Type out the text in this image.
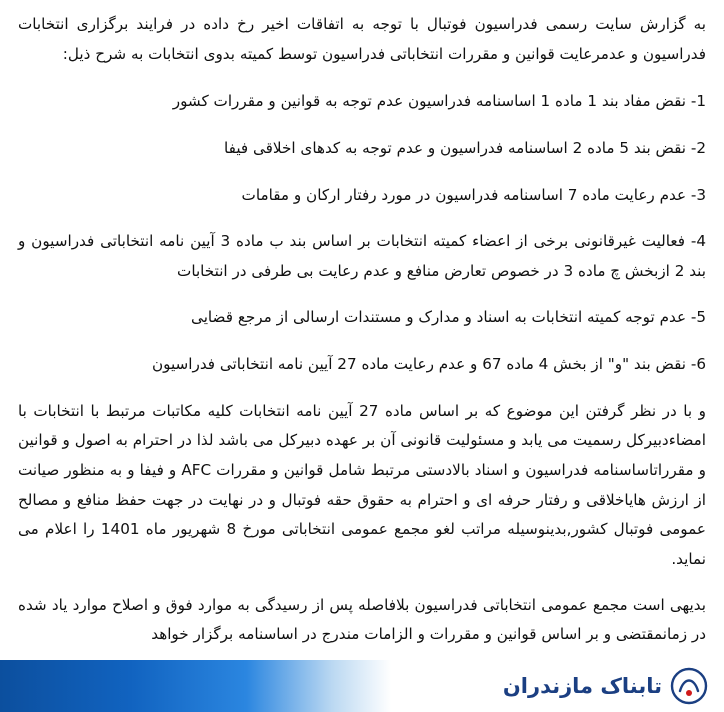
به گزارش سایت رسمی فدراسیون فوتبال با توجه به اتفاقات اخیر رخ داده در فرایند برگزاری انتخابات فدراسیون و عدمرعایت قوانین و مقررات انتخاباتی فدراسیون توسط کمیته بدوی انتخابات به شرح ذیل:

1- نقض مفاد بند 1 ماده 1 اساسنامه فدراسیون عدم توجه به قوانین و مقررات کشور

2- نقض بند 5 ماده 2 اساسنامه فدراسیون و عدم توجه به کدهای اخلاقی فیفا

3- عدم رعایت ماده 7 اساسنامه فدراسیون در مورد رفتار ارکان و مقامات

4- فعالیت غیرقانونی برخی از اعضاء کمیته انتخابات بر اساس بند ب ماده 3 آیین نامه انتخاباتی فدراسیون و بند 2 ازبخش چ ماده 3 در خصوص تعارض منافع و عدم رعایت بی طرفی در انتخابات

5- عدم توجه کمیته انتخابات به اسناد و مدارک و مستندات ارسالی از مرجع قضایی

6- نقض بند "و" از بخش 4 ماده 67 و عدم رعایت ماده 27 آیین نامه انتخاباتی فدراسیون

و با در نظر گرفتن این موضوع که بر اساس ماده 27 آیین نامه انتخابات کلیه مکاتبات مرتبط با انتخابات با امضاءدبیرکل رسمیت می یابد و مسئولیت قانونی آن بر عهده دبیرکل می باشد لذا در احترام به اصول و قوانین و مقرراتاساسنامه فدراسیون و اسناد بالادستی مرتبط شامل قوانین و مقررات AFC و فیفا و به منظور صیانت از ارزش هایاخلاقی و رفتار حرفه ای و احترام به حقوق حقه فوتبال و در نهایت در جهت حفظ منافع و مصالح عمومی فوتبال کشور,بدینوسیله مراتب لغو مجمع عمومی انتخاباتی مورخ 8 شهریور ماه 1401 را اعلام می نماید.

بدیهی است مجمع عمومی انتخاباتی فدراسیون بلافاصله پس از رسیدگی به موارد فوق و اصلاح موارد یاد شده در زمانمقتضی و بر اساس قوانین و مقررات و الزامات مندرج در اساسنامه برگزار خواهد

تابناک مازندران
